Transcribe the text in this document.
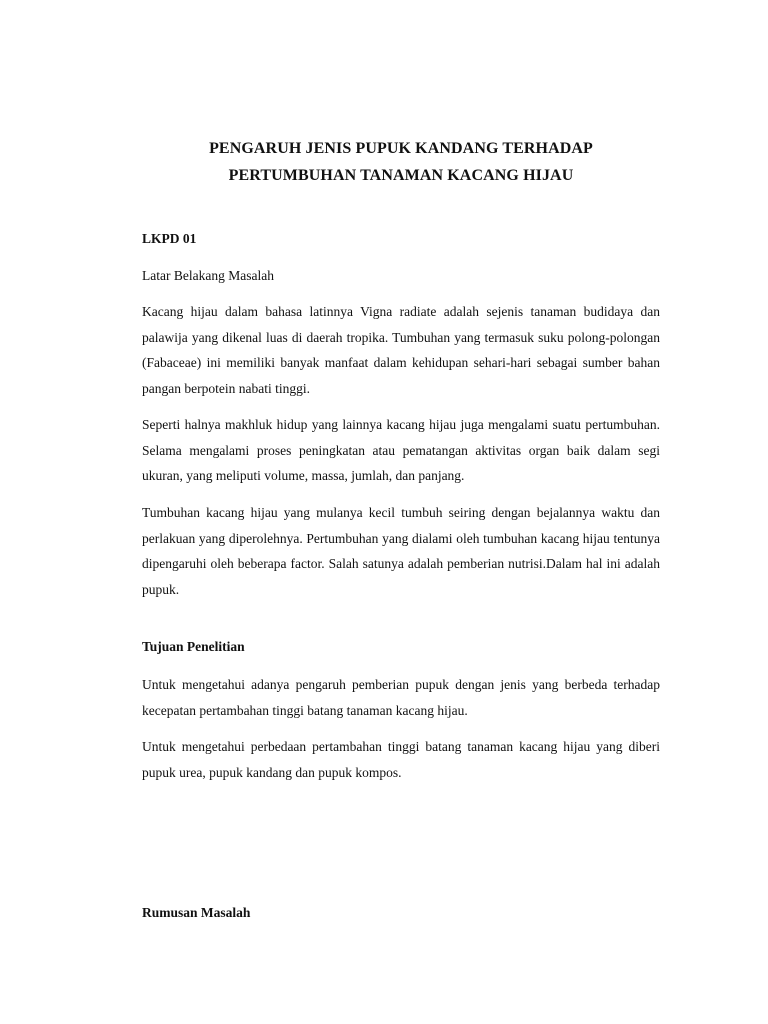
PENGARUH JENIS PUPUK KANDANG TERHADAP
PERTUMBUHAN TANAMAN KACANG HIJAU
LKPD 01
Latar Belakang Masalah

Kacang hijau dalam bahasa latinnya Vigna radiate adalah sejenis tanaman budidaya dan palawija yang dikenal luas di daerah tropika. Tumbuhan yang termasuk suku polong-polongan (Fabaceae) ini memiliki banyak manfaat dalam kehidupan sehari-hari sebagai sumber bahan pangan berpotein nabati tinggi.

Seperti halnya makhluk hidup yang lainnya kacang hijau juga mengalami suatu pertumbuhan. Selama mengalami proses peningkatan atau pematangan aktivitas organ baik dalam segi ukuran, yang meliputi volume, massa, jumlah, dan panjang.

Tumbuhan kacang hijau yang mulanya kecil tumbuh seiring dengan bejalannya waktu dan perlakuan yang diperolehnya. Pertumbuhan yang dialami oleh tumbuhan kacang hijau tentunya dipengaruhi oleh beberapa factor. Salah satunya adalah pemberian nutrisi.Dalam hal ini adalah pupuk.

Tujuan Penelitian

Untuk mengetahui adanya pengaruh pemberian pupuk dengan jenis yang berbeda terhadap kecepatan pertambahan tinggi batang tanaman kacang hijau.

Untuk mengetahui perbedaan pertambahan tinggi batang tanaman kacang hijau yang diberi pupuk urea, pupuk kandang dan pupuk kompos.

Rumusan Masalah
